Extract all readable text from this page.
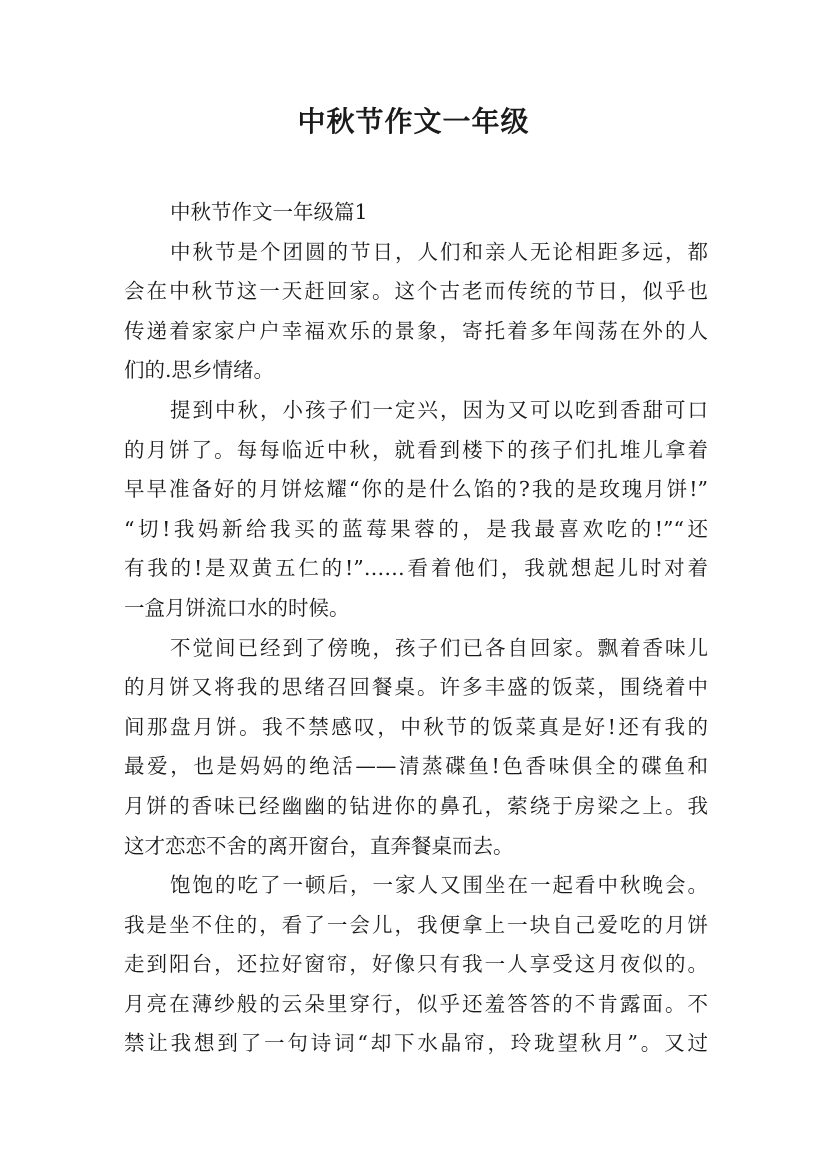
中秋节作文一年级
中秋节作文一年级篇1
中秋节是个团圆的节日，人们和亲人无论相距多远，都
会在中秋节这一天赶回家。这个古老而传统的节日，似乎也
传递着家家户户幸福欢乐的景象，寄托着多年闯荡在外的人
们的.思乡情绪。
提到中秋，小孩子们一定兴，因为又可以吃到香甜可口
的月饼了。每每临近中秋，就看到楼下的孩子们扎堆儿拿着
早早准备好的月饼炫耀“你的是什么馅的?我的是玫瑰月饼!”
“切!我妈新给我买的蓝莓果蓉的，是我最喜欢吃的!”“还
有我的!是双黄五仁的!”……看着他们，我就想起儿时对着
一盒月饼流口水的时候。
不觉间已经到了傍晚，孩子们已各自回家。飘着香味儿
的月饼又将我的思绪召回餐桌。许多丰盛的饭菜，围绕着中
间那盘月饼。我不禁感叹，中秋节的饭菜真是好!还有我的
最爱，也是妈妈的绝活——清蒸碟鱼!色香味俱全的碟鱼和
月饼的香味已经幽幽的钻进你的鼻孔，萦绕于房梁之上。我
这才恋恋不舍的离开窗台，直奔餐桌而去。
饱饱的吃了一顿后，一家人又围坐在一起看中秋晚会。
我是坐不住的，看了一会儿，我便拿上一块自己爱吃的月饼
走到阳台，还拉好窗帘，好像只有我一人享受这月夜似的。
月亮在薄纱般的云朵里穿行，似乎还羞答答的不肯露面。不
禁让我想到了一句诗词“却下水晶帘，玲珑望秋月”。又过
